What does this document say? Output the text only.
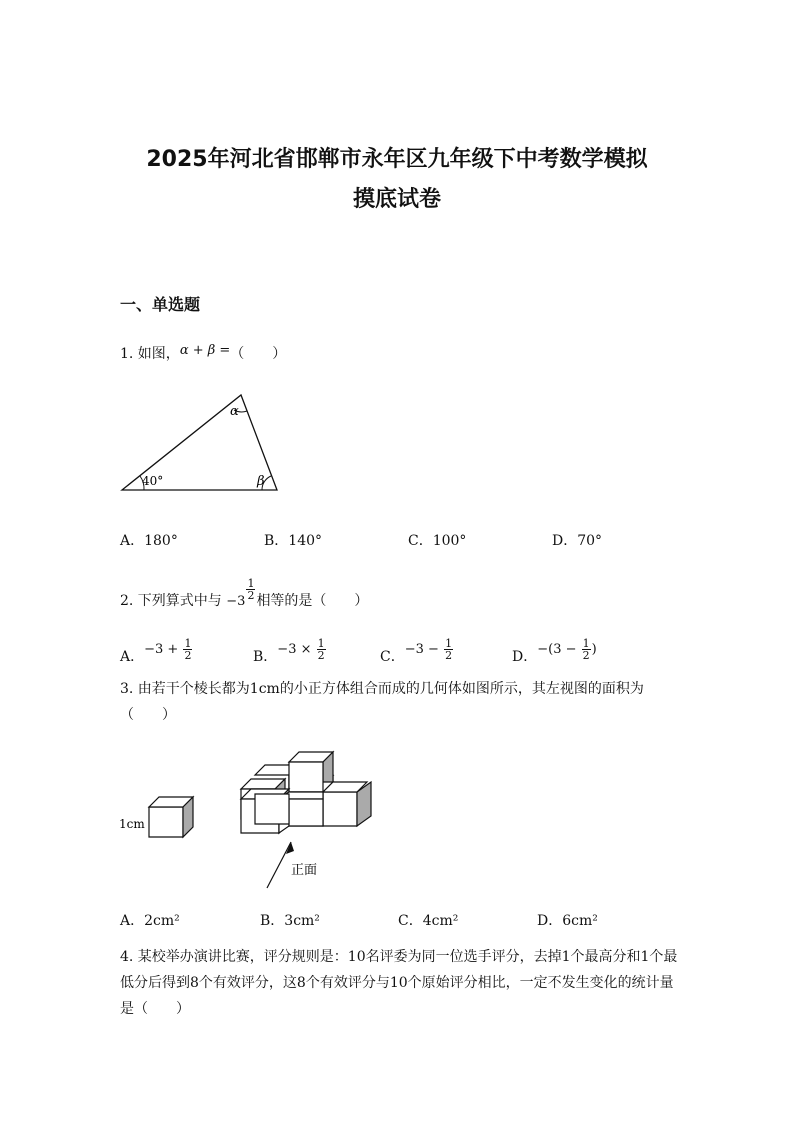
2025年河北省邯郸市永年区九年级下中考数学模拟
摸底试卷
一、单选题
1. 如图，α + β =（　　）
α
40°	β
A．180°	B．140°	C．100°	D．70°
2. 下列算式中与 −3
$\frac{1}{2}$ 相等的是（　　）
A．$-3 + \frac{1}{2}$	B．$-3 \times \frac{1}{2}$	C．$-3 - \frac{1}{2}$	D．$-(3 - \frac{1}{2}$ )
3. 由若干个棱长都为1cm的小正方体组合而成的几何体如图所示，其左视图的面积为（　　）
1cm
正面
A．2cm²	B．3cm²	C．4cm²	D．6cm²
4. 某校举办演讲比赛，评分规则是：10名评委为同一位选手评分，去掉1个最高分和1个最低分后得到8个有效评分，这8个有效评分与10个原始评分相比，一定不发生变化的统计量是（　　）
